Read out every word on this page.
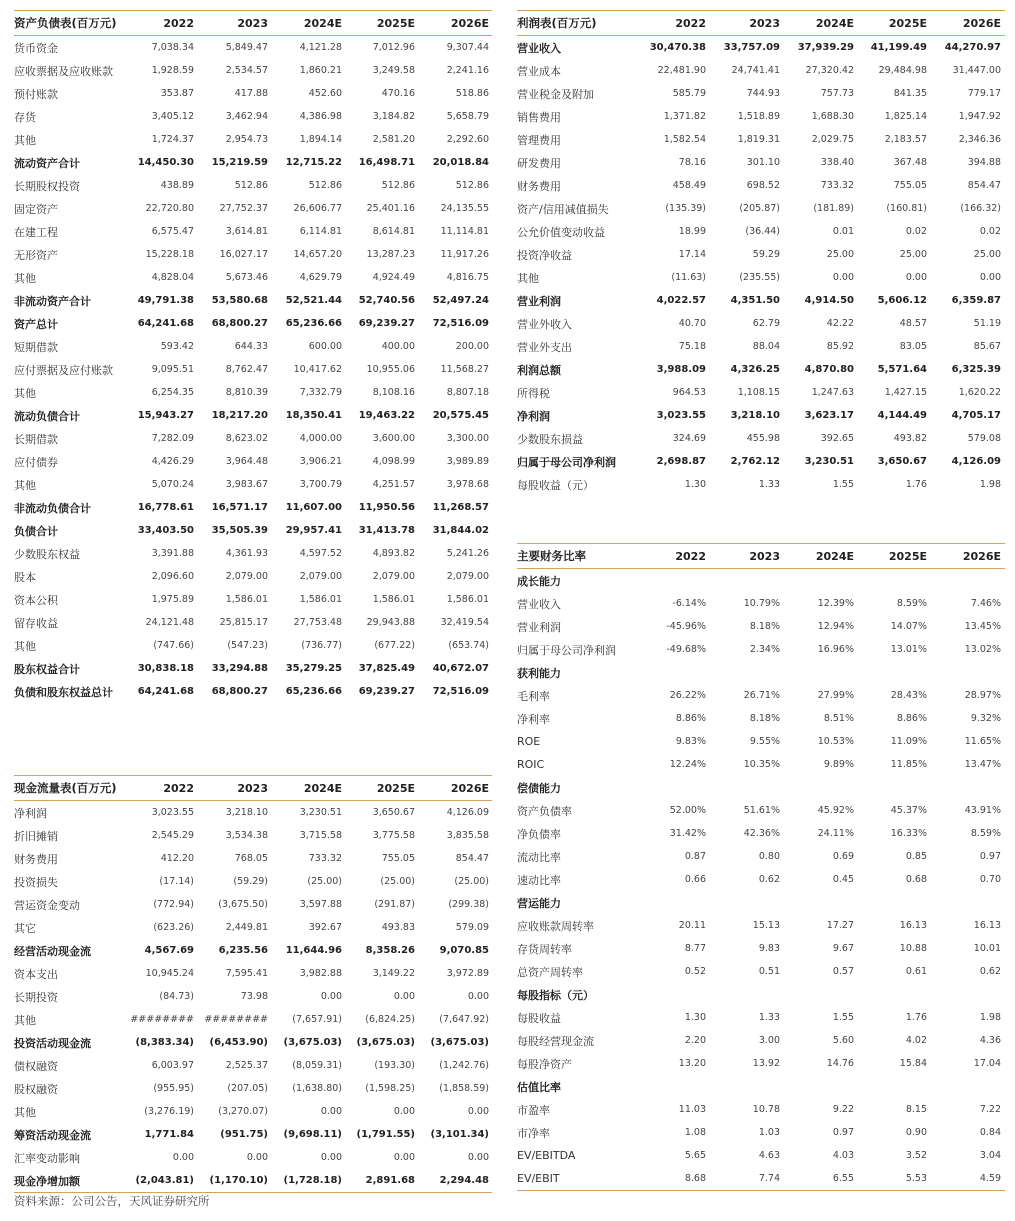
资产负债表(百万元)	2022	2023	2024E	2025E	2026E
货币资金	7,038.34	5,849.47	4,121.28	7,012.96	9,307.44
应收票据及应收账款	1,928.59	2,534.57	1,860.21	3,249.58	2,241.16
预付账款	353.87	417.88	452.60	470.16	518.86
存货	3,405.12	3,462.94	4,386.98	3,184.82	5,658.79
其他	1,724.37	2,954.73	1,894.14	2,581.20	2,292.60
流动资产合计	14,450.30	15,219.59	12,715.22	16,498.71	20,018.84
长期股权投资	438.89	512.86	512.86	512.86	512.86
固定资产	22,720.80	27,752.37	26,606.77	25,401.16	24,135.55
在建工程	6,575.47	3,614.81	6,114.81	8,614.81	11,114.81
无形资产	15,228.18	16,027.17	14,657.20	13,287.23	11,917.26
其他	4,828.04	5,673.46	4,629.79	4,924.49	4,816.75
非流动资产合计	49,791.38	53,580.68	52,521.44	52,740.56	52,497.24
资产总计	64,241.68	68,800.27	65,236.66	69,239.27	72,516.09
短期借款	593.42	644.33	600.00	400.00	200.00
应付票据及应付账款	9,095.51	8,762.47	10,417.62	10,955.06	11,568.27
其他	6,254.35	8,810.39	7,332.79	8,108.16	8,807.18
流动负债合计	15,943.27	18,217.20	18,350.41	19,463.22	20,575.45
长期借款	7,282.09	8,623.02	4,000.00	3,600.00	3,300.00
应付债券	4,426.29	3,964.48	3,906.21	4,098.99	3,989.89
其他	5,070.24	3,983.67	3,700.79	4,251.57	3,978.68
非流动负债合计	16,778.61	16,571.17	11,607.00	11,950.56	11,268.57
负债合计	33,403.50	35,505.39	29,957.41	31,413.78	31,844.02
少数股东权益	3,391.88	4,361.93	4,597.52	4,893.82	5,241.26
股本	2,096.60	2,079.00	2,079.00	2,079.00	2,079.00
资本公积	1,975.89	1,586.01	1,586.01	1,586.01	1,586.01
留存收益	24,121.48	25,815.17	27,753.48	29,943.88	32,419.54
其他	(747.66)	(547.23)	(736.77)	(677.22)	(653.74)
股东权益合计	30,838.18	33,294.88	35,279.25	37,825.49	40,672.07
负债和股东权益总计	64,241.68	68,800.27	65,236.66	69,239.27	72,516.09
利润表(百万元)	2022	2023	2024E	2025E	2026E
营业收入	30,470.38	33,757.09	37,939.29	41,199.49	44,270.97
营业成本	22,481.90	24,741.41	27,320.42	29,484.98	31,447.00
营业税金及附加	585.79	744.93	757.73	841.35	779.17
销售费用	1,371.82	1,518.89	1,688.30	1,825.14	1,947.92
管理费用	1,582.54	1,819.31	2,029.75	2,183.57	2,346.36
研发费用	78.16	301.10	338.40	367.48	394.88
财务费用	458.49	698.52	733.32	755.05	854.47
资产/信用减值损失	(135.39)	(205.87)	(181.89)	(160.81)	(166.32)
公允价值变动收益	18.99	(36.44)	0.01	0.02	0.02
投资净收益	17.14	59.29	25.00	25.00	25.00
其他	(11.63)	(235.55)	0.00	0.00	0.00
营业利润	4,022.57	4,351.50	4,914.50	5,606.12	6,359.87
营业外收入	40.70	62.79	42.22	48.57	51.19
营业外支出	75.18	88.04	85.92	83.05	85.67
利润总额	3,988.09	4,326.25	4,870.80	5,571.64	6,325.39
所得税	964.53	1,108.15	1,247.63	1,427.15	1,620.22
净利润	3,023.55	3,218.10	3,623.17	4,144.49	4,705.17
少数股东损益	324.69	455.98	392.65	493.82	579.08
归属于母公司净利润	2,698.87	2,762.12	3,230.51	3,650.67	4,126.09
每股收益（元）	1.30	1.33	1.55	1.76	1.98
现金流量表(百万元)	2022	2023	2024E	2025E	2026E
净利润	3,023.55	3,218.10	3,230.51	3,650.67	4,126.09
折旧摊销	2,545.29	3,534.38	3,715.58	3,775.58	3,835.58
财务费用	412.20	768.05	733.32	755.05	854.47
投资损失	(17.14)	(59.29)	(25.00)	(25.00)	(25.00)
营运资金变动	(772.94)	(3,675.50)	3,597.88	(291.87)	(299.38)
其它	(623.26)	2,449.81	392.67	493.83	579.09
经营活动现金流	4,567.69	6,235.56	11,644.96	8,358.26	9,070.85
资本支出	10,945.24	7,595.41	3,982.88	3,149.22	3,972.89
长期投资	(84.73)	73.98	0.00	0.00	0.00
其他	########	########	(7,657.91)	(6,824.25)	(7,647.92)
投资活动现金流	(8,383.34)	(6,453.90)	(3,675.03)	(3,675.03)	(3,675.03)
债权融资	6,003.97	2,525.37	(8,059.31)	(193.30)	(1,242.76)
股权融资	(955.95)	(207.05)	(1,638.80)	(1,598.25)	(1,858.59)
其他	(3,276.19)	(3,270.07)	0.00	0.00	0.00
筹资活动现金流	1,771.84	(951.75)	(9,698.11)	(1,791.55)	(3,101.34)
汇率变动影响	0.00	0.00	0.00	0.00	0.00
现金净增加额	(2,043.81)	(1,170.10)	(1,728.18)	2,891.68	2,294.48
主要财务比率	2022	2023	2024E	2025E	2026E
成长能力
营业收入	-6.14%	10.79%	12.39%	8.59%	7.46%
营业利润	-45.96%	8.18%	12.94%	14.07%	13.45%
归属于母公司净利润	-49.68%	2.34%	16.96%	13.01%	13.02%
获利能力
毛利率	26.22%	26.71%	27.99%	28.43%	28.97%
净利率	8.86%	8.18%	8.51%	8.86%	9.32%
ROE	9.83%	9.55%	10.53%	11.09%	11.65%
ROIC	12.24%	10.35%	9.89%	11.85%	13.47%
偿债能力
资产负债率	52.00%	51.61%	45.92%	45.37%	43.91%
净负债率	31.42%	42.36%	24.11%	16.33%	8.59%
流动比率	0.87	0.80	0.69	0.85	0.97
速动比率	0.66	0.62	0.45	0.68	0.70
营运能力
应收账款周转率	20.11	15.13	17.27	16.13	16.13
存货周转率	8.77	9.83	9.67	10.88	10.01
总资产周转率	0.52	0.51	0.57	0.61	0.62
每股指标（元）
每股收益	1.30	1.33	1.55	1.76	1.98
每股经营现金流	2.20	3.00	5.60	4.02	4.36
每股净资产	13.20	13.92	14.76	15.84	17.04
估值比率
市盈率	11.03	10.78	9.22	8.15	7.22
市净率	1.08	1.03	0.97	0.90	0.84
EV/EBITDA	5.65	4.63	4.03	3.52	3.04
EV/EBIT	8.68	7.74	6.55	5.53	4.59
资料来源：公司公告，天风证券研究所
